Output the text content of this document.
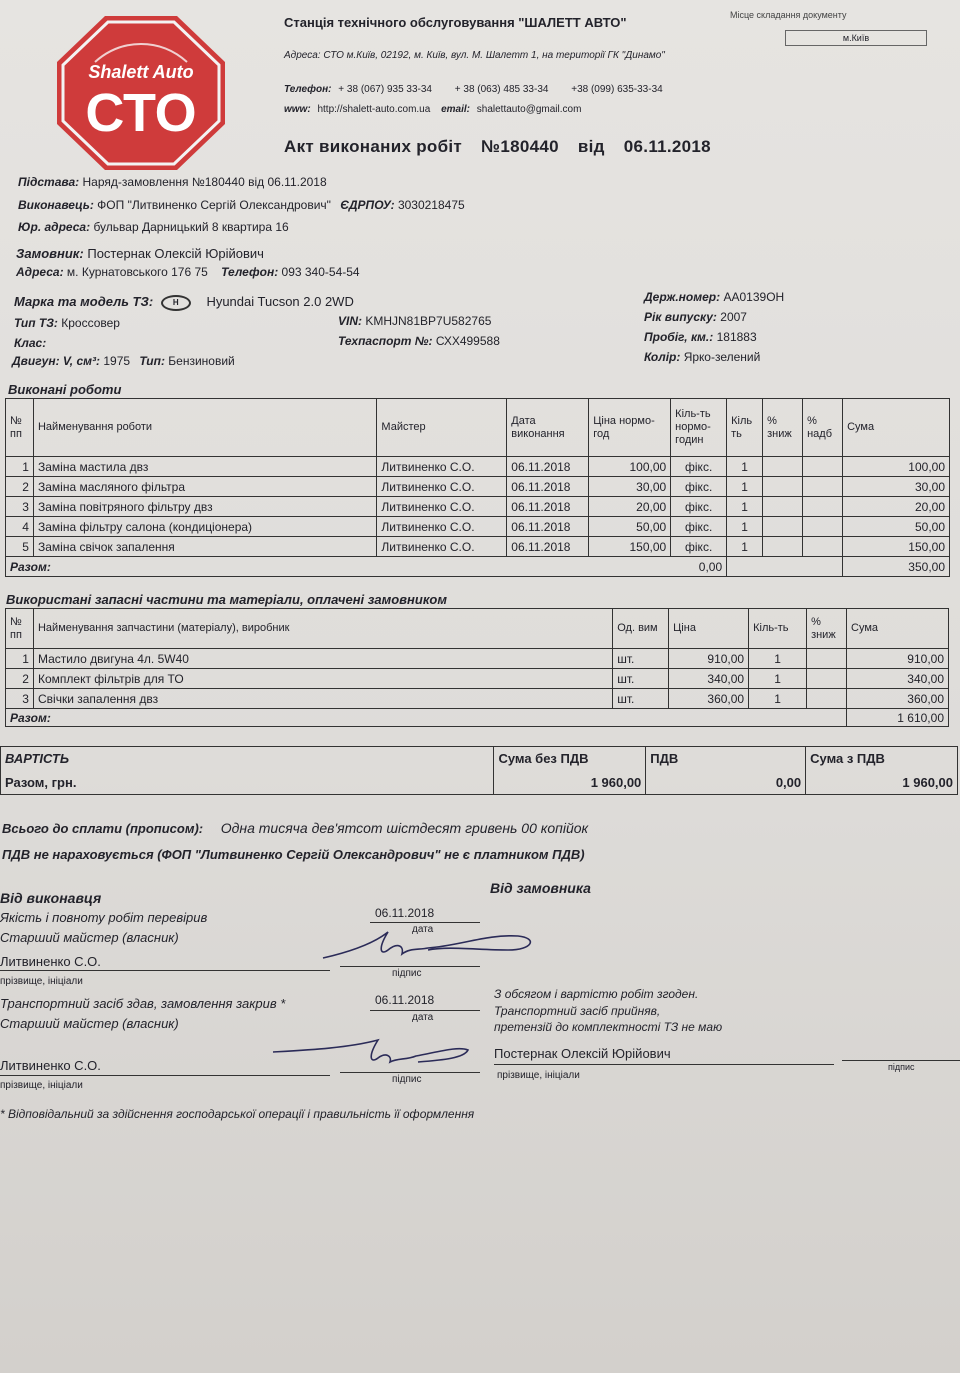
Shalett Auto
СТО
Станція технічного обслуговування "ШАЛЕТТ АВТО"
Адреса: СТО м.Київ, 02192, м. Київ, вул. М. Шалетт 1, на території ГК "Динамо"
Телефон: + 38 (067) 935 33-34 + 38 (063) 485 33-34 +38 (099) 635-33-34
www: http://shalett-auto.com.ua email: shalettauto@gmail.com
Місце складання документу
м.Київ
Акт виконаних робіт №180440 від 06.11.2018
Підстава: Наряд-замовлення №180440 від 06.11.2018
Виконавець: ФОП "Литвиненко Сергій Олександрович" ЄДРПОУ: 3030218475
Юр. адреса: бульвар Дарницький 8 квартира 16
Замовник: Постернак Олексій Юрійович
Адреса: м. Курнатовського 176 75 Телефон: 093 340-54-54
Марка та модель ТЗ: H Hyundai Tucson 2.0 2WD
Тип ТЗ: Кроссовер
Клас:
Двигун: V, см³: 1975 Тип: Бензиновий
VIN: KMHJN81BP7U582765
Техпаспорт №: СХХ499588
Держ.номер: АА0139ОН
Рік випуску: 2007
Пробіг, км.: 181883
Колір: Яркo-зелений
Виконані роботи
№ пп	Найменування роботи	Майстер	Дата виконання	Ціна нормо-год	Кіль-ть нормо-годин	Кіль ть	% зниж	% надб	Сума
1	Заміна мастила двз	Литвиненко С.О.	06.11.2018	100,00	фікс.	1			100,00
2	Заміна масляного фільтра	Литвиненко С.О.	06.11.2018	30,00	фікс.	1			30,00
3	Заміна повітряного фільтру двз	Литвиненко С.О.	06.11.2018	20,00	фікс.	1			20,00
4	Заміна фільтру салона (кондиціонера)	Литвиненко С.О.	06.11.2018	50,00	фікс.	1			50,00
5	Заміна свічок запалення	Литвиненко С.О.	06.11.2018	150,00	фікс.	1			150,00
Разом:				0,00					350,00
Використані запасні частини та матеріали, оплачені замовником
№ пп	Найменування запчастини (матеріалу), виробник	Од. вим	Ціна	Кіль-ть	% зниж	Сума
1	Мастило двигуна 4л. 5W40	шт.	910,00	1		910,00
2	Комплект фільтрів для ТО	шт.	340,00	1		340,00
3	Свічки запалення двз	шт.	360,00	1		360,00
Разом:						1 610,00
ВАРТІСТЬ	Сума без ПДВ	ПДВ	Сума з ПДВ
Разом, грн.	1 960,00	0,00	1 960,00
Всього до сплати (прописом): Одна тисяча дев'ятсот шістдесят гривень 00 копійок
ПДВ не нараховується (ФОП "Литвиненко Сергій Олександрович" не є платником ПДВ)
Від виконавця
Від замовника
Якість і повноту робіт перевірив
Старший майстер (власник)
06.11.2018
дата
Литвиненко С.О.
прізвище, ініціали
підпис
Транспортний засіб здав, замовлення закрив *
Старший майстер (власник)
06.11.2018
дата
Литвиненко С.О.
прізвище, ініціали
підпис
З обсягом і вартістю робіт згоден.
Транспортний засіб прийняв,
претензій до комплектності ТЗ не маю
Постернак Олексій Юрійович
прізвище, ініціали
підпис
* Відповідальний за здійснення господарської операції і правильність її оформлення
